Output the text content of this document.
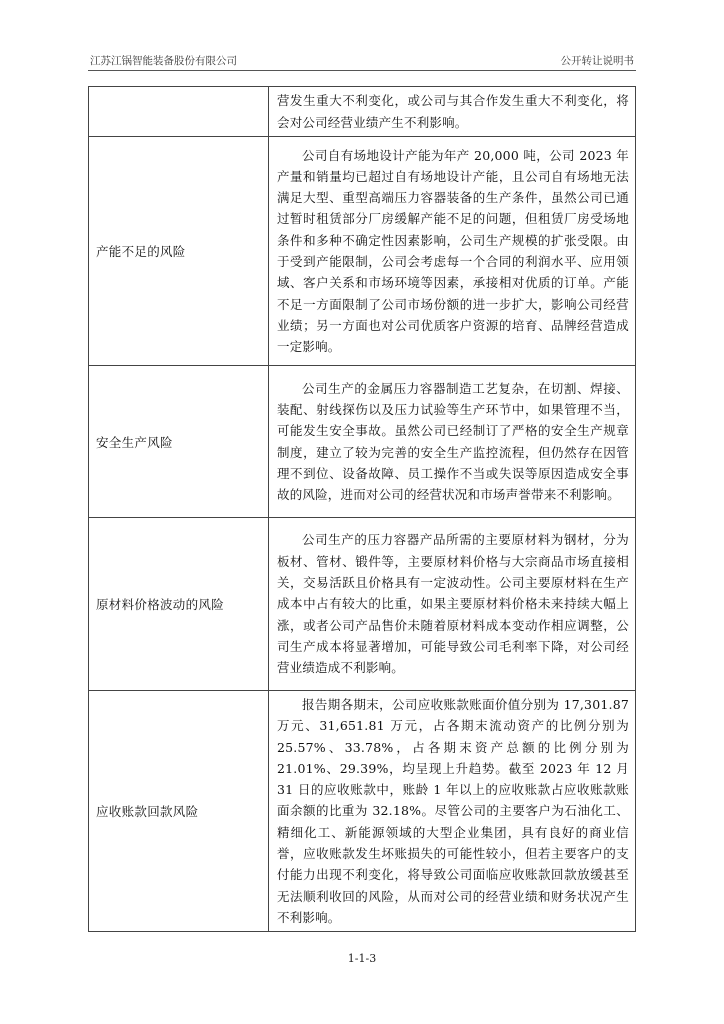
江苏江锅智能装备股份有限公司	公开转让说明书

	营发生重大不利变化，或公司与其合作发生重大不利变化，将会对公司经营业绩产生不利影响。

产能不足的风险	公司自有场地设计产能为年产 20,000 吨，公司 2023 年产量和销量均已超过自有场地设计产能，且公司自有场地无法满足大型、重型高端压力容器装备的生产条件，虽然公司已通过暂时租赁部分厂房缓解产能不足的问题，但租赁厂房受场地条件和多种不确定性因素影响，公司生产规模的扩张受限。由于受到产能限制，公司会考虑每一个合同的利润水平、应用领域、客户关系和市场环境等因素，承接相对优质的订单。产能不足一方面限制了公司市场份额的进一步扩大，影响公司经营业绩；另一方面也对公司优质客户资源的培育、品牌经营造成一定影响。

安全生产风险	公司生产的金属压力容器制造工艺复杂，在切割、焊接、装配、射线探伤以及压力试验等生产环节中，如果管理不当，可能发生安全事故。虽然公司已经制订了严格的安全生产规章制度，建立了较为完善的安全生产监控流程，但仍然存在因管理不到位、设备故障、员工操作不当或失误等原因造成安全事故的风险，进而对公司的经营状况和市场声誉带来不利影响。

原材料价格波动的风险	公司生产的压力容器产品所需的主要原材料为钢材，分为板材、管材、锻件等，主要原材料价格与大宗商品市场直接相关，交易活跃且价格具有一定波动性。公司主要原材料在生产成本中占有较大的比重，如果主要原材料价格未来持续大幅上涨，或者公司产品售价未随着原材料成本变动作相应调整，公司生产成本将显著增加，可能导致公司毛利率下降，对公司经营业绩造成不利影响。

应收账款回款风险	报告期各期末，公司应收账款账面价值分别为 17,301.87 万元、31,651.81 万元，占各期末流动资产的比例分别为 25.57%、33.78%，占各期末资产总额的比例分别为 21.01%、29.39%，均呈现上升趋势。截至 2023 年 12 月 31 日的应收账款中，账龄 1 年以上的应收账款占应收账款账面余额的比重为 32.18%。尽管公司的主要客户为石油化工、精细化工、新能源领域的大型企业集团，具有良好的商业信誉，应收账款发生坏账损失的可能性较小，但若主要客户的支付能力出现不利变化，将导致公司面临应收账款回款放缓甚至无法顺利收回的风险，从而对公司的经营业绩和财务状况产生不利影响。

1-1-3
